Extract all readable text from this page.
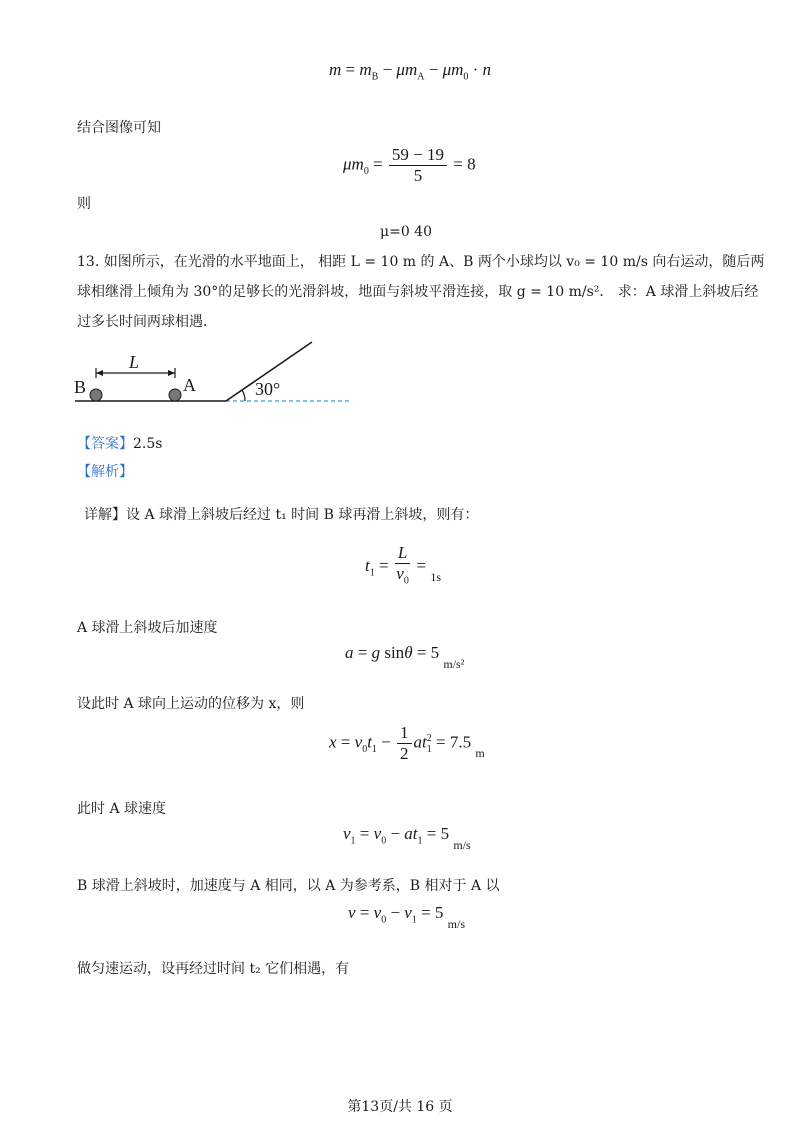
$m = m_B - \mu m_A - \mu m_0 \cdot n$
结合图像可知
$\mu m_0 = \frac{59 - 19}{5} = 8$
则
μ=0 40
13. 如图所示，在光滑的水平地面上， 相距 L = 10 m 的 A、B 两个小球均以 v₀ = 10 m/s 向右运动，随后两
球相继滑上倾角为 30°的足够长的光滑斜坡，地面与斜坡平滑连接，取 g = 10 m/s²． 求：A 球滑上斜坡后经
过多长时间两球相遇．
B	A
L
30°
【答案】2.5s
【解析】
详解】设 A 球滑上斜坡后经过 t₁ 时间 B 球再滑上斜坡，则有：
$t_1 = \frac{L}{v_0} = _{1s}$
A 球滑上斜坡后加速度
a = g sinθ = 5 $_{m/s^2}$
设此时 A 球向上运动的位移为 x，则
$x = v_0t_1 - \frac{1}{2} at_1^2 = 7.5$ $_m$
此时 A 球速度
$v_1 = v_0 - at_1 = 5$ $_{m/s}$
B 球滑上斜坡时，加速度与 A 相同，以 A 为参考系，B 相对于 A 以
$v = v_0 - v_1 = 5$ $_{m/s}$
做匀速运动，设再经过时间 t₂ 它们相遇，有
第13页/共 16 页
